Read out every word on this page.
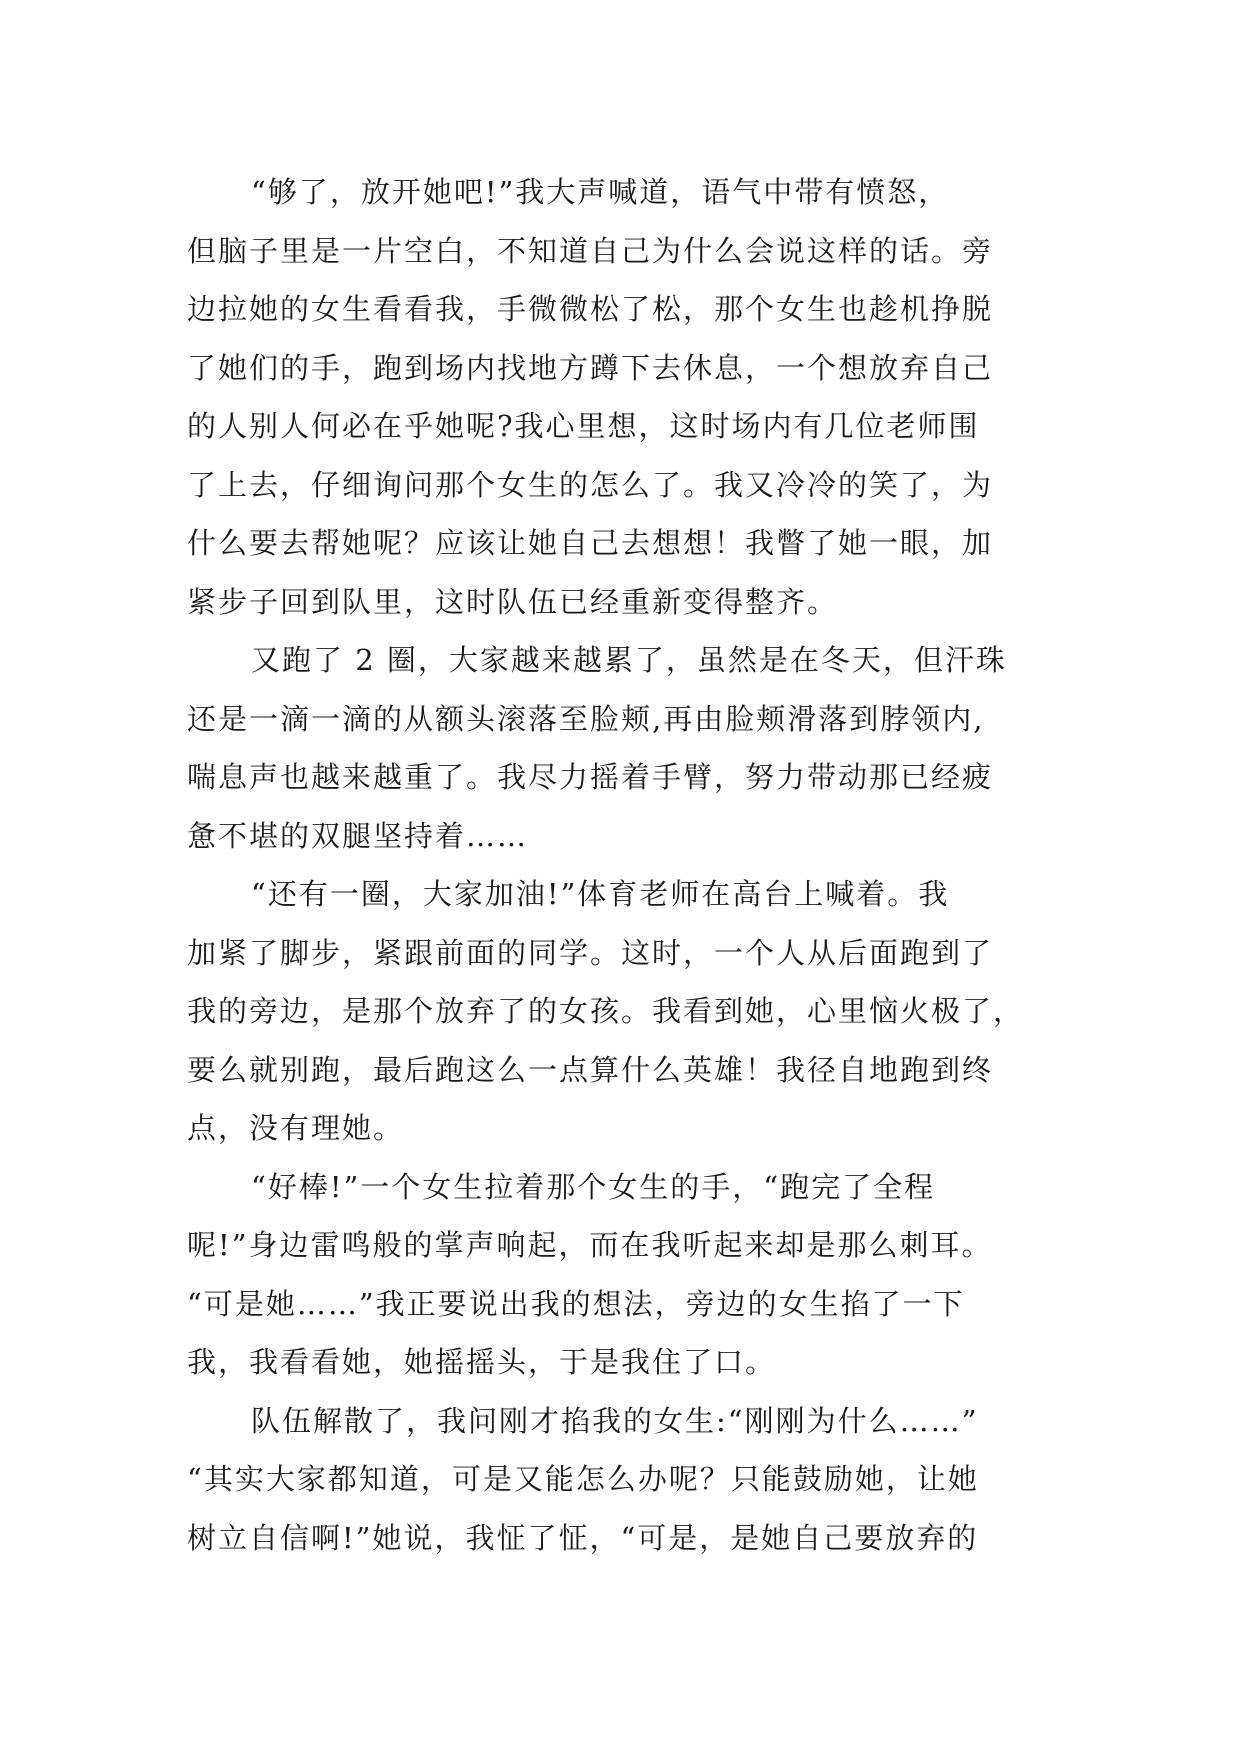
“够了，放开她吧!”我大声喊道，语气中带有愤怒，
但脑子里是一片空白，不知道自己为什么会说这样的话。旁
边拉她的女生看看我，手微微松了松，那个女生也趁机挣脱
了她们的手，跑到场内找地方蹲下去休息，一个想放弃自己
的人别人何必在乎她呢?我心里想，这时场内有几位老师围
了上去，仔细询问那个女生的怎么了。我又冷冷的笑了，为
什么要去帮她呢？应该让她自己去想想！我瞥了她一眼，加
紧步子回到队里，这时队伍已经重新变得整齐。
又跑了 2 圈，大家越来越累了，虽然是在冬天，但汗珠
还是一滴一滴的从额头滚落至脸颊,再由脸颊滑落到脖领内,
喘息声也越来越重了。我尽力摇着手臂，努力带动那已经疲
惫不堪的双腿坚持着……
“还有一圈，大家加油!”体育老师在高台上喊着。我
加紧了脚步，紧跟前面的同学。这时，一个人从后面跑到了
我的旁边，是那个放弃了的女孩。我看到她，心里恼火极了，
要么就别跑，最后跑这么一点算什么英雄！我径自地跑到终
点，没有理她。
“好棒!”一个女生拉着那个女生的手，“跑完了全程
呢!”身边雷鸣般的掌声响起，而在我听起来却是那么刺耳。
“可是她……”我正要说出我的想法，旁边的女生掐了一下
我，我看看她，她摇摇头，于是我住了口。
队伍解散了，我问刚才掐我的女生:“刚刚为什么……”
“其实大家都知道，可是又能怎么办呢？只能鼓励她，让她
树立自信啊!”她说，我怔了怔，“可是，是她自己要放弃的
